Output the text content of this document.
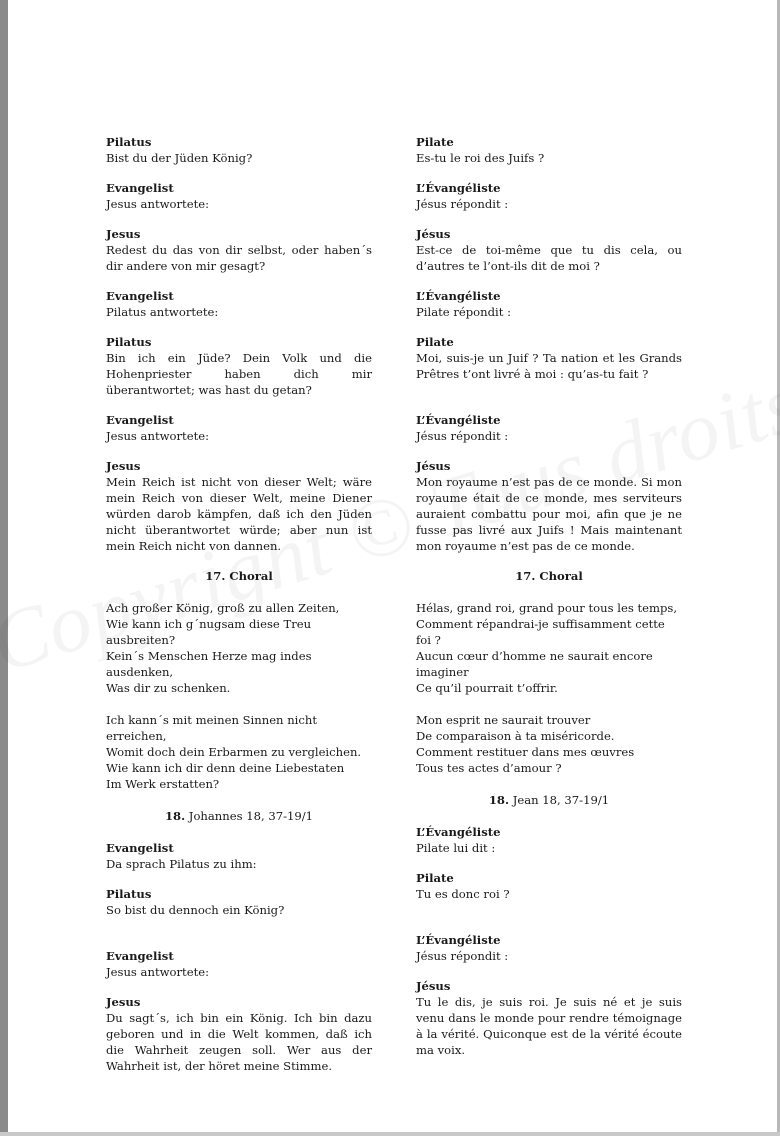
Pilatus
Bist du der Jüden König?
Evangelist
Jesus antwortete:
Jesus
Redest du das von dir selbst, oder haben´s dir andere von mir gesagt?
Evangelist
Pilatus antwortete:
Pilatus
Bin ich ein Jüde? Dein Volk und die Hohenpriester haben dich mir überantwortet; was hast du getan?
Evangelist
Jesus antwortete:
Jesus
Mein Reich ist nicht von dieser Welt; wäre mein Reich von dieser Welt, meine Diener würden darob kämpfen, daß ich den Jüden nicht überantwortet würde; aber nun ist mein Reich nicht von dannen.
17. Choral
Ach großer König, groß zu allen Zeiten,
Wie kann ich g´nugsam diese Treu ausbreiten?
Kein´s Menschen Herze mag indes ausdenken,
Was dir zu schenken.
Ich kann´s mit meinen Sinnen nicht erreichen,
Womit doch dein Erbarmen zu vergleichen.
Wie kann ich dir denn deine Liebestaten
Im Werk erstatten?
18. Johannes 18, 37-19/1
Evangelist
Da sprach Pilatus zu ihm:
Pilatus
So bist du dennoch ein König?
Evangelist
Jesus antwortete:
Jesus
Du sagt´s, ich bin ein König. Ich bin dazu geboren und in die Welt kommen, daß ich die Wahrheit zeugen soll. Wer aus der Wahrheit ist, der höret meine Stimme.
Pilate
Es-tu le roi des Juifs ?
L’Évangéliste
Jésus répondit :
Jésus
Est-ce de toi-même que tu dis cela, ou d’autres te l’ont-ils dit de moi ?
L’Évangéliste
Pilate répondit :
Pilate
Moi, suis-je un Juif ? Ta nation et les Grands Prêtres t’ont livré à moi : qu’as-tu fait ?
L’Évangéliste
Jésus répondit :
Jésus
Mon royaume n’est pas de ce monde. Si mon royaume était de ce monde, mes serviteurs auraient combattu pour moi, afin que je ne fusse pas livré aux Juifs ! Mais maintenant mon royaume n’est pas de ce monde.
17. Choral
Hélas, grand roi, grand pour tous les temps,
Comment répandrai-je suffisamment cette foi ?
Aucun cœur d’homme ne saurait encore imaginer
Ce qu’il pourrait t’offrir.
Mon esprit ne saurait trouver
De comparaison à ta miséricorde.
Comment restituer dans mes œuvres
Tous tes actes d’amour ?
18. Jean 18, 37-19/1
L’Évangéliste
Pilate lui dit :
Pilate
Tu es donc roi ?
L’Évangéliste
Jésus répondit :
Jésus
Tu le dis, je suis roi. Je suis né et je suis venu dans le monde pour rendre témoignage à la vérité. Quiconque est de la vérité écoute ma voix.
